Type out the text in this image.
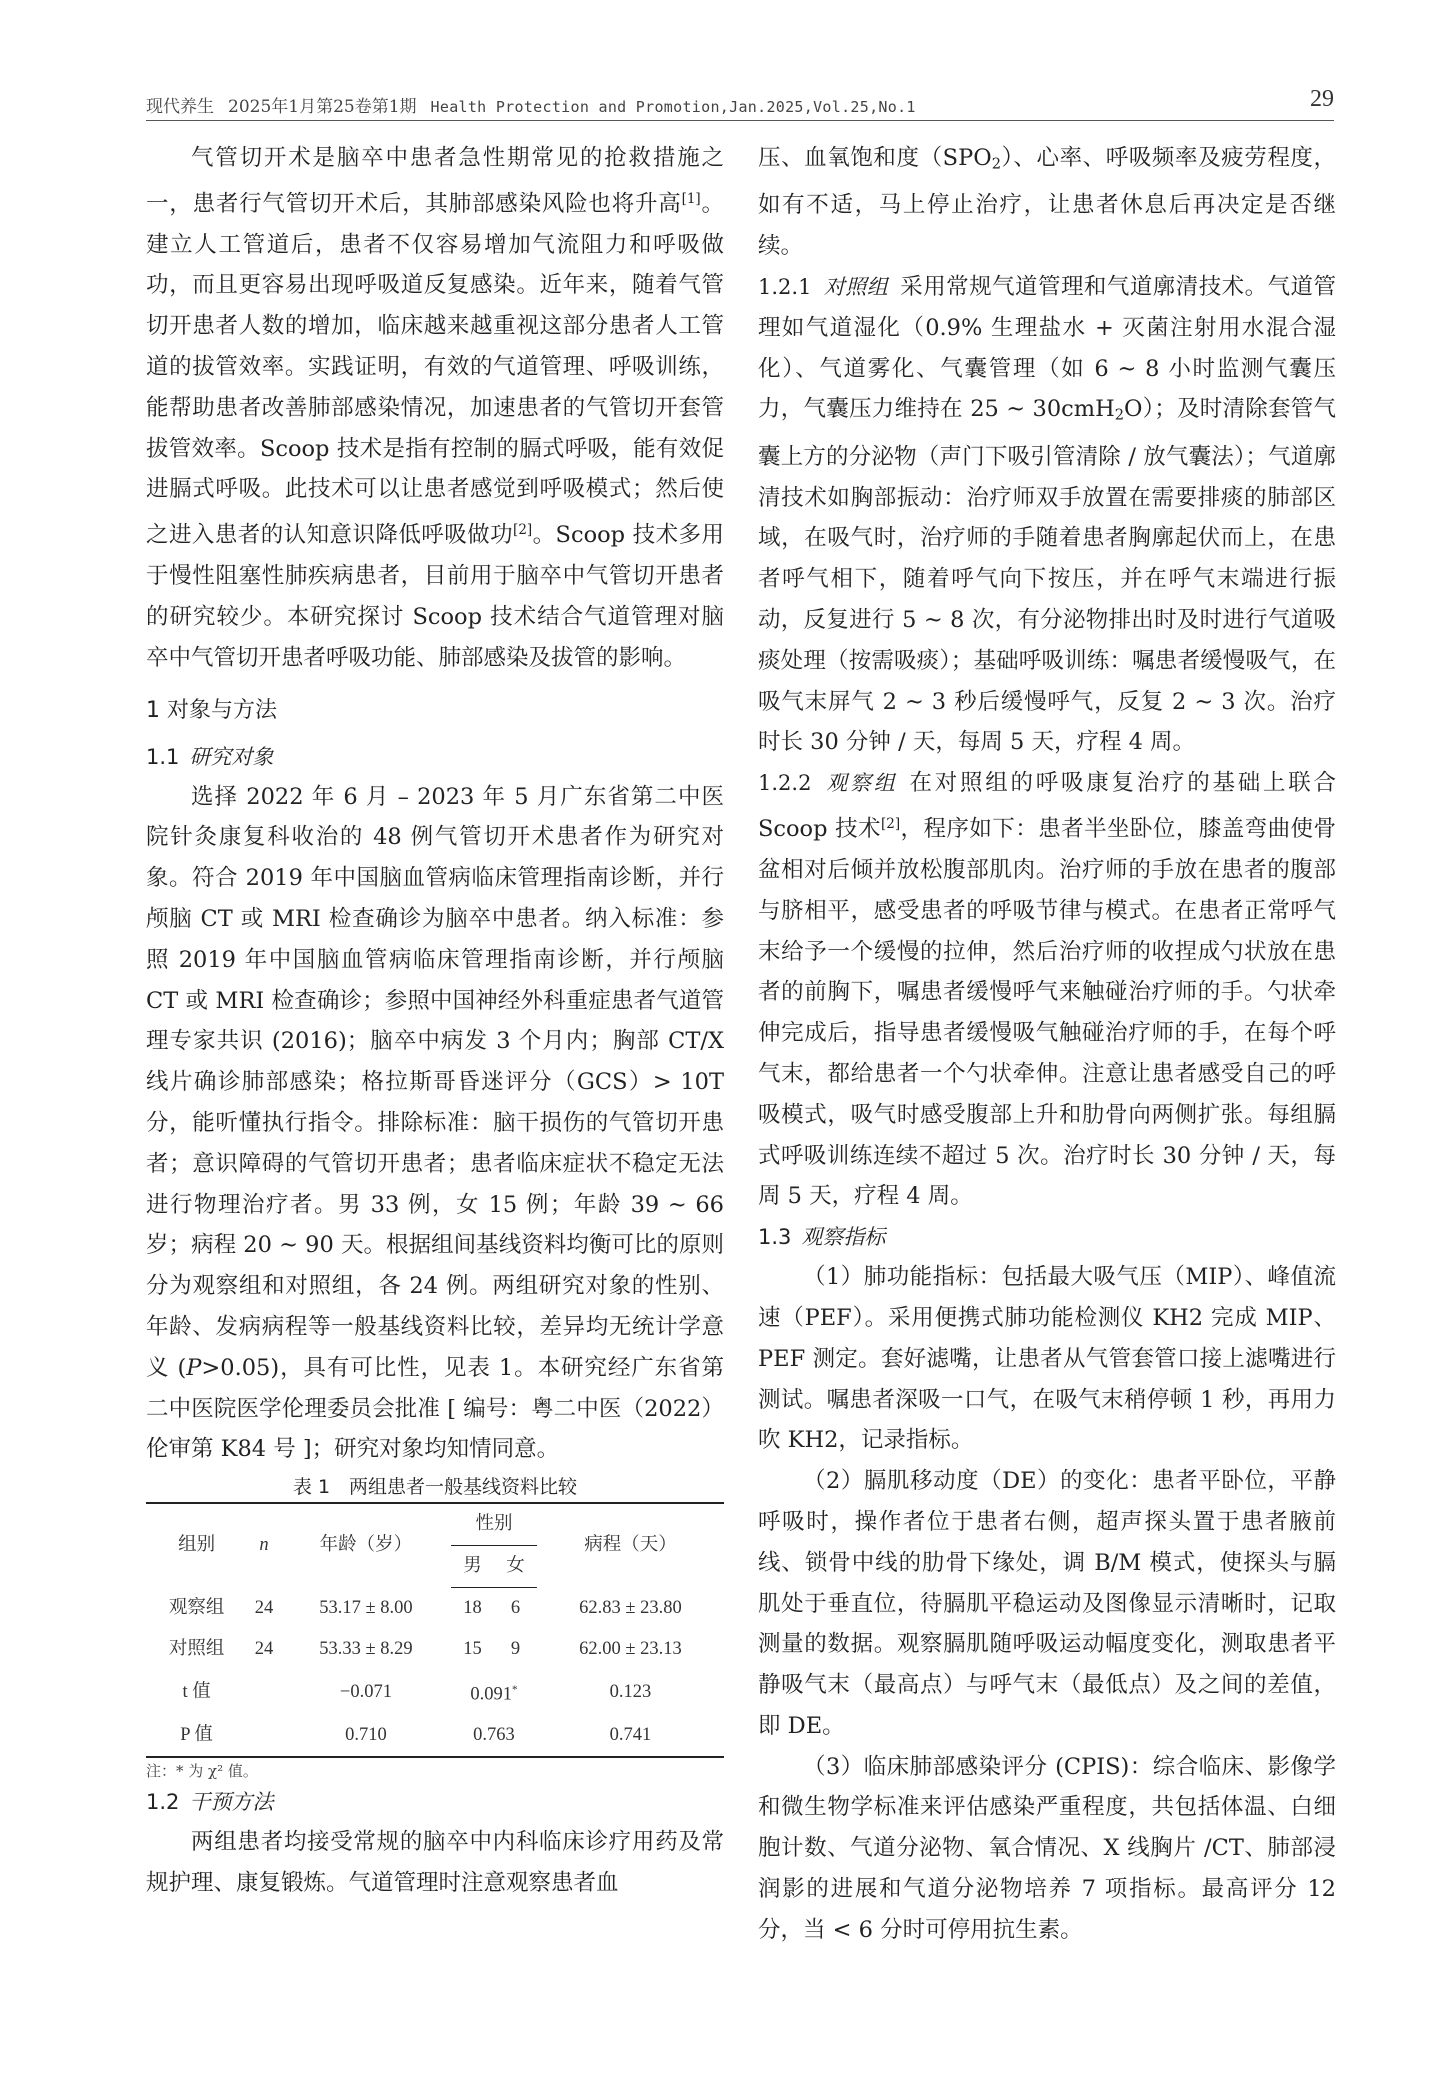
现代养生 2025年1月第25卷第1期 Health Protection and Promotion,Jan.2025,Vol.25,No.1	29

气管切开术是脑卒中患者急性期常见的抢救措施之一，患者行气管切开术后，其肺部感染风险也将升高[1]。建立人工管道后，患者不仅容易增加气流阻力和呼吸做功，而且更容易出现呼吸道反复感染。近年来，随着气管切开患者人数的增加，临床越来越重视这部分患者人工管道的拔管效率。实践证明，有效的气道管理、呼吸训练，能帮助患者改善肺部感染情况，加速患者的气管切开套管拔管效率。Scoop 技术是指有控制的膈式呼吸，能有效促进膈式呼吸。此技术可以让患者感觉到呼吸模式；然后使之进入患者的认知意识降低呼吸做功[2]。Scoop 技术多用于慢性阻塞性肺疾病患者，目前用于脑卒中气管切开患者的研究较少。本研究探讨 Scoop 技术结合气道管理对脑卒中气管切开患者呼吸功能、肺部感染及拔管的影响。

1 对象与方法
1.1 研究对象

选择 2022 年 6 月 – 2023 年 5 月广东省第二中医院针灸康复科收治的 48 例气管切开术患者作为研究对象。符合 2019 年中国脑血管病临床管理指南诊断，并行颅脑 CT 或 MRI 检查确诊为脑卒中患者。纳入标准：参照 2019 年中国脑血管病临床管理指南诊断，并行颅脑 CT 或 MRI 检查确诊；参照中国神经外科重症患者气道管理专家共识 (2016)；脑卒中病发 3 个月内；胸部 CT/X 线片确诊肺部感染；格拉斯哥昏迷评分（GCS）> 10T 分，能听懂执行指令。排除标准：脑干损伤的气管切开患者；意识障碍的气管切开患者；患者临床症状不稳定无法进行物理治疗者。男 33 例，女 15 例；年龄 39 ~ 66 岁；病程 20 ~ 90 天。根据组间基线资料均衡可比的原则分为观察组和对照组，各 24 例。两组研究对象的性别、年龄、发病病程等一般基线资料比较，差异均无统计学意义 (P>0.05)，具有可比性，见表 1。本研究经广东省第二中医院医学伦理委员会批准 [ 编号：粤二中医（2022）伦审第 K84 号 ]；研究对象均知情同意。

表 1　两组患者一般基线资料比较
组别	n	年龄（岁）	性别		病程（天）
			男	女	
观察组	24	53.17 ± 8.00	18	6	62.83 ± 23.80
对照组	24	53.33 ± 8.29	15	9	62.00 ± 23.13
t 值		−0.071	0.091*		0.123
P 值		0.710	0.763		0.741
注：* 为 χ² 值。
1.2 干预方法

两组患者均接受常规的脑卒中内科临床诊疗用药及常规护理、康复锻炼。气道管理时注意观察患者血

压、血氧饱和度$(SPO_2)$、心率、呼吸频率及疲劳程度，如有不适，马上停止治疗，让患者休息后再决定是否继续。

1.2.1 对照组 采用常规气道管理和气道廓清技术。气道管理如气道湿化（0.9% 生理盐水 + 灭菌注射用水混合湿化）、气道雾化、气囊管理（如 6 ~ 8 小时监测气囊压力，气囊压力维持在 25 ~ 30cmH$_2$O）；及时清除套管气囊上方的分泌物（声门下吸引管清除 / 放气囊法）；气道廓清技术如胸部振动：治疗师双手放置在需要排痰的肺部区域，在吸气时，治疗师的手随着患者胸廓起伏而上，在患者呼气相下，随着呼气向下按压，并在呼气末端进行振动，反复进行 5 ~ 8 次，有分泌物排出时及时进行气道吸痰处理（按需吸痰）；基础呼吸训练：嘱患者缓慢吸气，在吸气末屏气 2 ~ 3 秒后缓慢呼气，反复 2 ~ 3 次。治疗时长 30 分钟 / 天，每周 5 天，疗程 4 周。

1.2.2 观察组 在对照组的呼吸康复治疗的基础上联合 Scoop 技术[2]，程序如下：患者半坐卧位，膝盖弯曲使骨盆相对后倾并放松腹部肌肉。治疗师的手放在患者的腹部与脐相平，感受患者的呼吸节律与模式。在患者正常呼气末给予一个缓慢的拉伸，然后治疗师的收捏成勺状放在患者的前胸下，嘱患者缓慢呼气来触碰治疗师的手。勺状牵伸完成后，指导患者缓慢吸气触碰治疗师的手，在每个呼气末，都给患者一个勺状牵伸。注意让患者感受自己的呼吸模式，吸气时感受腹部上升和肋骨向两侧扩张。每组膈式呼吸训练连续不超过 5 次。治疗时长 30 分钟 / 天，每周 5 天，疗程 4 周。

1.3 观察指标

（1）肺功能指标：包括最大吸气压（MIP）、峰值流速（PEF）。采用便携式肺功能检测仪 KH2 完成 MIP、PEF 测定。套好滤嘴，让患者从气管套管口接上滤嘴进行测试。嘱患者深吸一口气，在吸气末稍停顿 1 秒，再用力吹 KH2，记录指标。

（2）膈肌移动度（DE）的变化：患者平卧位，平静呼吸时，操作者位于患者右侧，超声探头置于患者腋前线、锁骨中线的肋骨下缘处，调 B/M 模式，使探头与膈肌处于垂直位，待膈肌平稳运动及图像显示清晰时，记取测量的数据。观察膈肌随呼吸运动幅度变化，测取患者平静吸气末（最高点）与呼气末（最低点）及之间的差值，即 DE。

（3）临床肺部感染评分 (CPIS)：综合临床、影像学和微生物学标准来评估感染严重程度，共包括体温、白细胞计数、气道分泌物、氧合情况、X 线胸片 /CT、肺部浸润影的进展和气道分泌物培养 7 项指标。最高评分 12 分，当 < 6 分时可停用抗生素。
